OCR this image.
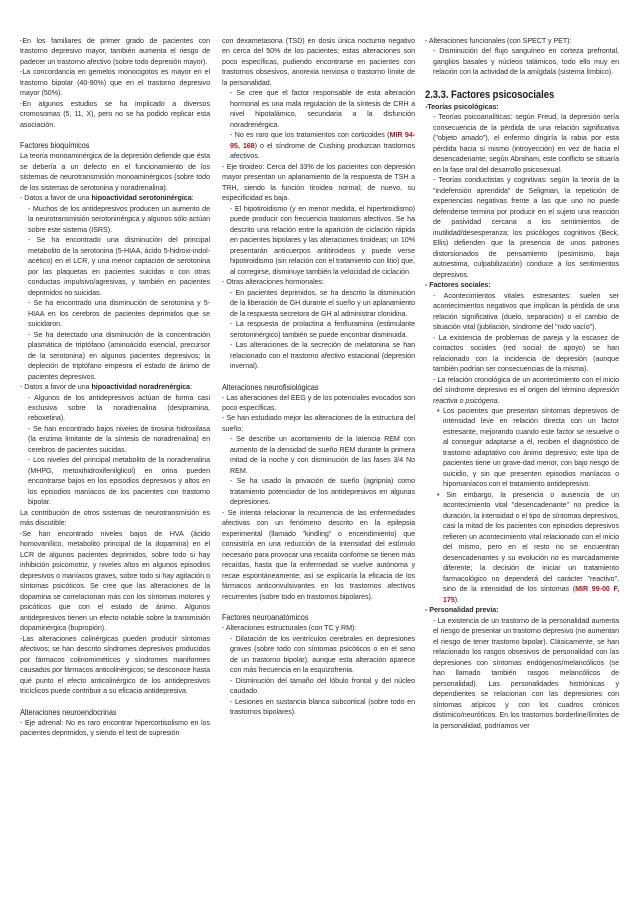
-En los familiares de primer grado de pacientes con trastorno depresivo mayor, también aumenta el riesgo de padecer un trastorno afectivo (sobre todo depresión mayor).

-La concordancia en gemelos monocigotos es mayor en el trastorno bipolar (40-90%) que en el trastorno depresivo mayor (50%).

-En algunos estudios se ha implicado a diversos cromosomas (5, 11, X), pero no se ha podido replicar esta asociación.

Factores bioquímicos

La teoría monoaminérgica de la depresión defiende que ésta se debería a un defecto en el funcionamiento de los sistemas de neurotransmisión monoaminérgicos (sobre todo de los sistemas de serotonina y noradrenalina).

- Datos a favor de una hipoactividad serotoninérgica:

- Muchos de los antidepresivos producen un aumento de la neurotransmisión serotoninérgica y algunos sólo actúan sobre este sistema (ISRS).

- Se ha encontrado una disminución del principal metabolito de la serotonina (5-HIAA, ácido 5-hidroxi-indol-acético) en el LCR, y una menor captación de serotonina por las plaquetas en pacientes suicidas o con otras conductas impulsivo/agresivas, y también en pacientes deprimidos no suicidas.

- Se ha encontrado una disminución de serotonina y 5-HIAA en los cerebros de pacientes deprimidos que se suicidaron.

- Se ha detectado una disminución de la concentración plasmática de triptófano (aminoácido esencial, precursor de la serotonina) en algunos pacientes depresivos; la depleción de triptófano empeora el estado de ánimo de pacientes depresivos.

- Datos a favor de una hipoactividad noradrenérgica:

- Algunos de los antidepresivos actúan de forma casi exclusiva sobre la noradrenalina (desipramina, reboxetina).

- Se han encontrado bajos niveles de tirosina hidroxilasa (la enzima limitante de la síntesis de noradrenalina) en cerebros de pacientes suicidas.

- Los niveles del principal metabolito de la noradrenalina (MHPG, metoxihidroxifenilglicol) en orina pueden encontrarse bajos en los episodios depresivos y altos en los episodios maníacos de los pacientes con trastorno bipolar.

La contribución de otros sistemas de neurotransmisión es más discutible:

-Se han encontrado niveles bajos de HVA (ácido homovanílico, metabolito principal de la dopamina) en el LCR de algunos pacientes deprimidos, sobre todo si hay inhibición psicomotriz, y niveles altos en algunos episodios depresivos o maníacos graves, sobre todo si hay agitación o síntomas psicóticos. Se cree que las alteraciones de la dopamina se correlacionan más con los síntomas motores y psicóticos que con el estado de ánimo. Algunos antidepresivos tienen un efecto notable sobre la transmisión dopaminérgica (bupropión).

-Las alteraciones colinérgicas pueden producir síntomas afectivos; se han descrito síndromes depresivos producidos por fármacos colinomiméticos y síndromes maniformes causados por fármacos anticolinérgicos; se desconoce hasta qué punto el efecto anticolinérgico de los antidepresivos tricíclicos puede contribuir a su eficacia antidepresiva.

Alteraciones neuroendocrinas

- Eje adrenal: No es raro encontrar hipercortisolismo en los pacientes deprimidos, y siendo el test de supresión

con dexametasona (TSD) en dosis única nocturna negativo en cerca del 50% de los pacientes; estas alteraciones son poco específicas, pudiendo encontrarse en pacientes con trastornos obsesivos, anorexia nerviosa o trastorno límite de la personalidad.

- Se cree que el factor responsable de esta alteración hormonal es una mala regulación de la síntesis de CRH a nivel hipotalámico, secundaria a la disfunción noradrenérgica.

- No es raro que los tratamientos con corticoides (MIR 94-95, 168) o el síndrome de Cushing produzcan trastornos afectivos.

- Eje tiroideo: Cerca del 33% de los pacientes con depresión mayor presentan un aplanamiento de la respuesta de TSH a TRH, siendo la función tiroidea normal; de nuevo, su especificidad es baja.

- El hipotiroidismo (y en menor medida, el hipertiroidismo) puede producir con frecuencia trastornos afectivos. Se ha descrito una relación entre la aparición de ciclación rápida en pacientes bipolares y las alteraciones tiroideas; un 10% presentarán anticuerpos antitiroideos y puede verse hipotiroidismo (sin relación con el tratamiento con litio) que, al corregirse, disminuye también la velocidad de ciclación.

- Otras alteraciones hormonales:

- En pacientes deprimidos, se ha descrito la disminución de la liberación de GH durante el sueño y un aplanamiento de la respuesta secretora de GH al administrar clonidina.

- La respuesta de prolactina a fenfluramina (estimulante serotoninérgico) también se puede encontrar disminuida.

- Las alteraciones de la secreción de melatonina se han relacionado con el trastorno afectivo estacional (depresión invernal).

Alteraciones neurofisiológicas

- Las alteraciones del EEG y de los potenciales evocados son poco específicas.

- Se han estudiado mejor las alteraciones de la estructura del sueño:

- Se describe un acortamiento de la latencia REM con aumento de la densidad de sueño REM durante la primera mitad de la noche y con disminución de las fases 3/4 No REM.

- Se ha usado la privación de sueño (agripnia) como tratamiento potenciador de los antidepresivos en algunas depresiones.

- Se intenta relacionar la recurrencia de las enfermedades afectivas con un fenómeno descrito en la epilepsia experimental (llamado "kindling" o encendimiento) que consistiría en una reducción de la intensidad del estímulo necesario para provocar una recaída conforme se tienen más recaídas, hasta que la enfermedad se vuelve autónoma y recae espontáneamente; así se explicaría la eficacia de los fármacos anticonvulsivantes en los trastornos afectivos recurrentes (sobre todo en trastornos bipolares).

Factores neuroanatómicos

- Alteraciones estructurales (con TC y RM):

- Dilatación de los ventrículos cerebrales en depresiones graves (sobre todo con síntomas psicóticos o en el seno de un trastorno bipolar), aunque esta alteración aparece con más frecuencia en la esquizofrenia.

- Disminución del tamaño del lóbulo frontal y del núcleo caudado.

- Lesiones en sustancia blanca subcortical (sobre todo en trastornos bipolares).

- Alteraciones funcionales (con SPECT y PET):

- Disminución del flujo sanguíneo en corteza prefrontal, ganglios basales y núcleos talámicos, todo ello muy en relación con la actividad de la amígdala (sistema límbico).

2.3.3. Factores psicosociales

-Teorías psicológicas:

- Teorías psicoanalíticas: según Freud, la depresión sería consecuencia de la pérdida de una relación significativa ("objeto amado"), el enfermo dirigiría la rabia por esta pérdida hacia sí mismo (introyección) en vez de hacia el desencadenante; según Abraham, este conflicto se situaría en la fase oral del desarrollo psicosexual.

- Teorías conductistas y cognitivas: según la teoría de la "indefensión aprendida" de Seligman, la repetición de experiencias negativas frente a las que uno no puede defenderse termina por producir en el sujeto una reacción de pasividad cercana a los sentimientos de inutilidad/desesperanza; los psicólogos cognitivos (Beck, Ellis) defienden que la presencia de unos patrones distorsionados de pensamiento (pesimismo, baja autoestima, culpabilización) conduce a los sentimientos depresivos.

- Factores sociales:

- Acontecimientos vitales estresantes: suelen ser acontecimientos negativos que implican la pérdida de una relación significativa (duelo, separación) o el cambio de situación vital (jubilación, síndrome del "nido vacío").

- La existencia de problemas de pareja y la escasez de contactos sociales (red social de apoyo) se han relacionado con la incidencia de depresión (aunque también podrían ser consecuencias de la misma).

- La relación cronológica de un acontecimiento con el inicio del síndrome depresivo es el origen del término depresión reactiva o psicógena.

• Los pacientes que presentan síntomas depresivos de intensidad leve en relación directa con un factor estresante, mejorando cuando este factor se resuelve o al conseguir adaptarse a él, reciben el diagnóstico de trastorno adaptativo con ánimo depresivo; este tipo de pacientes tiene un grave-dad menor, con bajo riesgo de suicidio, y sin que presenten episodios maníacos o hipomaníacos con el tratamiento antidepresivo.

• Sin embargo, la presencia o ausencia de un acontecimiento vital "desencadenante" no predice la duración, la intensidad o el tipo de síntomas depresivos, casi la mitad de los pacientes con episodios depresivos refieren un acontecimiento vital relacionado con el inicio del mismo, pero en el resto no se encuentran desencadenantes y su evolución no es marcadamente diferente; la decisión de iniciar un tratamiento farmacológico no dependerá del carácter "reactivo", sino de la intensidad de los síntomas (MIR 99-00 F, 175).

- Personalidad previa:

- La existencia de un trastorno de la personalidad aumenta el riesgo de presentar un trastorno depresivo (no aumentan el riesgo de tener trastorno bipolar). Clásicamente, se han relacionado los rasgos obsesivos de personalidad con las depresiones con síntomas endógenos/melancólicos (se han llamado también rasgos melancólicos de personalidad). Las personalidades histriónicas y dependientes se relacionan con las depresiones con síntomas atípicos y con los cuadros crónicos distímico/neuróticos. En los trastornos borderline/límites de la personalidad, podríamos ver
